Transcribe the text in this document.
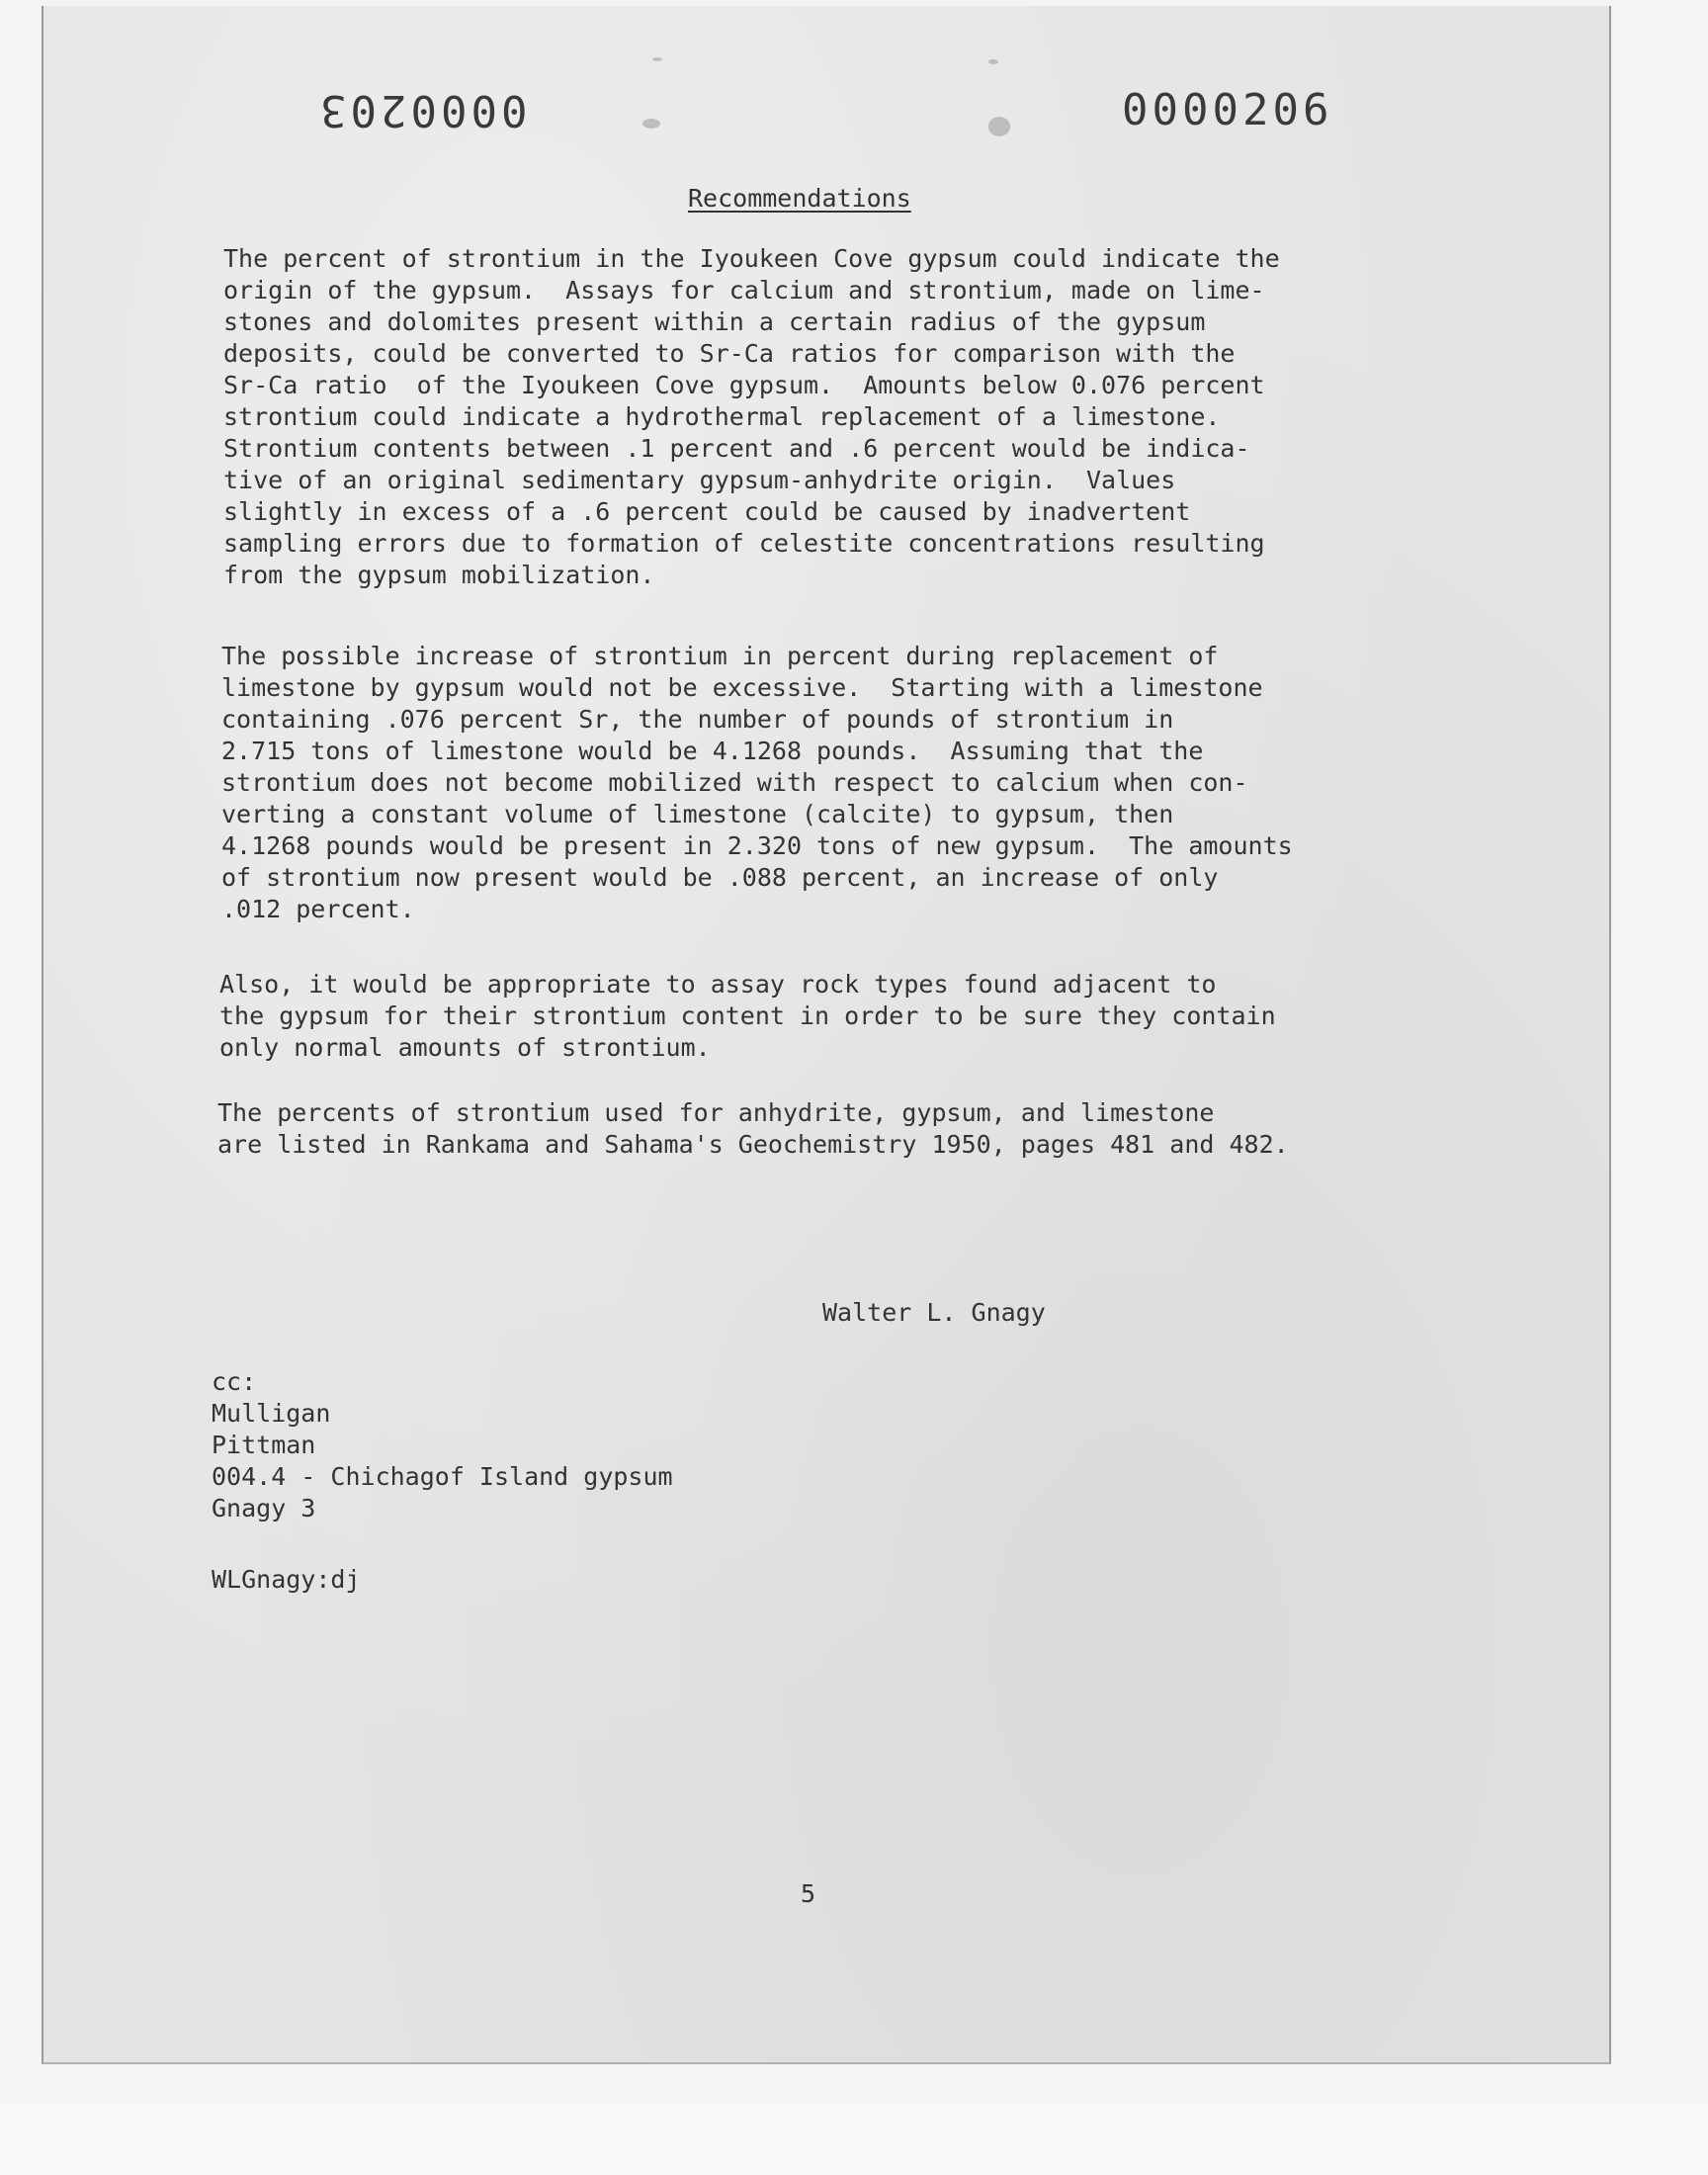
0000203	0000206
Recommendations
The percent of strontium in the Iyoukeen Cove gypsum could indicate the
origin of the gypsum.  Assays for calcium and strontium, made on lime-
stones and dolomites present within a certain radius of the gypsum
deposits, could be converted to Sr-Ca ratios for comparison with the
Sr-Ca ratio  of the Iyoukeen Cove gypsum.  Amounts below 0.076 percent
strontium could indicate a hydrothermal replacement of a limestone.
Strontium contents between .1 percent and .6 percent would be indica-
tive of an original sedimentary gypsum-anhydrite origin.  Values
slightly in excess of a .6 percent could be caused by inadvertent
sampling errors due to formation of celestite concentrations resulting
from the gypsum mobilization.
The possible increase of strontium in percent during replacement of
limestone by gypsum would not be excessive.  Starting with a limestone
containing .076 percent Sr, the number of pounds of strontium in
2.715 tons of limestone would be 4.1268 pounds.  Assuming that the
strontium does not become mobilized with respect to calcium when con-
verting a constant volume of limestone (calcite) to gypsum, then
4.1268 pounds would be present in 2.320 tons of new gypsum.  The amounts
of strontium now present would be .088 percent, an increase of only
.012 percent.
Also, it would be appropriate to assay rock types found adjacent to
the gypsum for their strontium content in order to be sure they contain
only normal amounts of strontium.
The percents of strontium used for anhydrite, gypsum, and limestone
are listed in Rankama and Sahama's Geochemistry 1950, pages 481 and 482.
Walter L. Gnagy
cc:
Mulligan
Pittman
004.4 - Chichagof Island gypsum
Gnagy 3
WLGnagy:dj
5
